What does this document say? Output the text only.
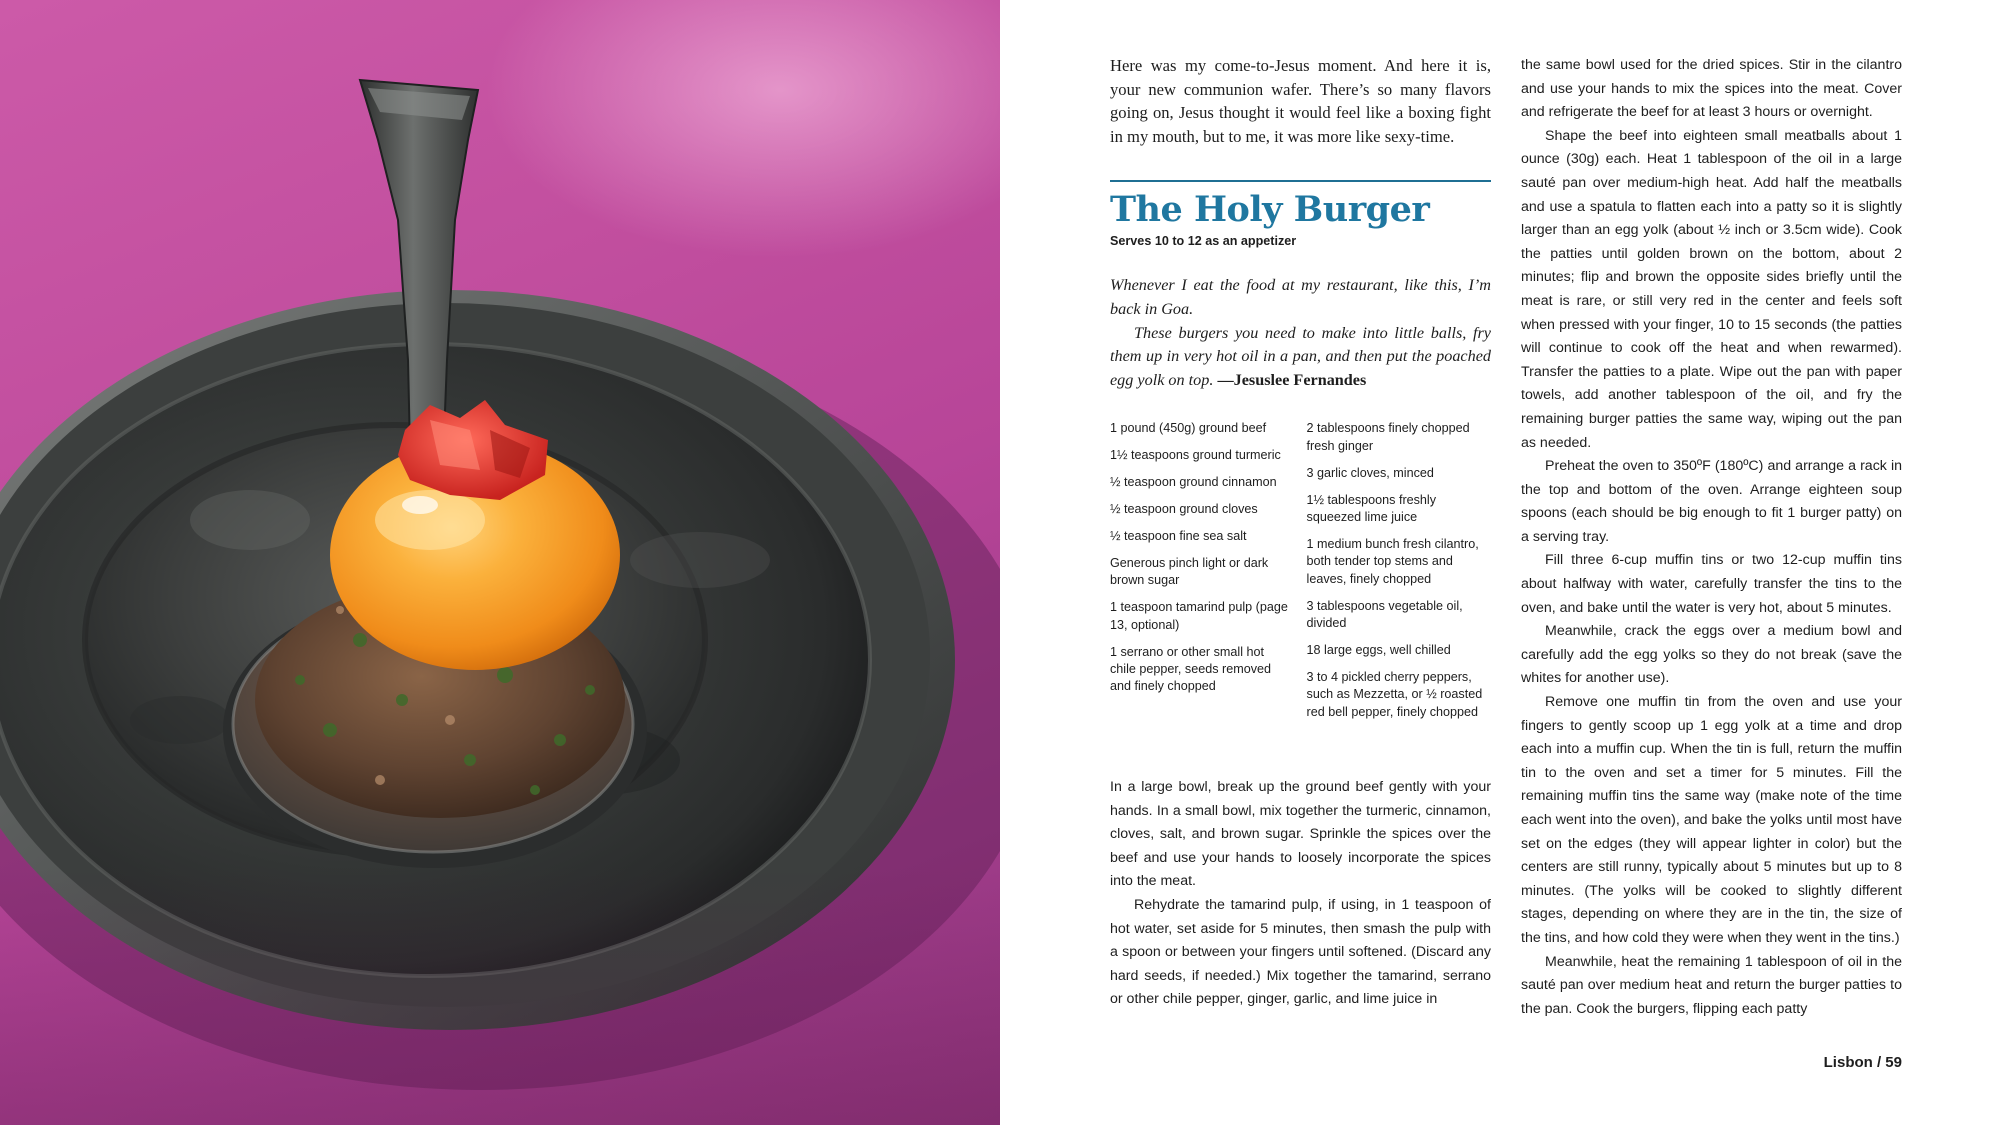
Here was my come-to-Jesus moment. And here it is, your new communion wafer. There’s so many flavors going on, Jesus thought it would feel like a boxing fight in my mouth, but to me, it was more like sexy-time.

The Holy Burger
Serves 10 to 12 as an appetizer

Whenever I eat the food at my restaurant, like this, I’m back in Goa.

These burgers you need to make into little balls, fry them up in very hot oil in a pan, and then put the poached egg yolk on top. —Jesuslee Fernandes

1 pound (450g) ground beef
1½ teaspoons ground turmeric
½ teaspoon ground cinnamon
½ teaspoon ground cloves
½ teaspoon fine sea salt
Generous pinch light or dark brown sugar
1 teaspoon tamarind pulp (page 13, optional)
1 serrano or other small hot chile pepper, seeds removed and finely chopped
2 tablespoons finely chopped fresh ginger
3 garlic cloves, minced
1½ tablespoons freshly squeezed lime juice
1 medium bunch fresh cilantro, both tender top stems and leaves, finely chopped
3 tablespoons vegetable oil, divided
18 large eggs, well chilled
3 to 4 pickled cherry peppers, such as Mezzetta, or ½ roasted red bell pepper, finely chopped

In a large bowl, break up the ground beef gently with your hands. In a small bowl, mix together the turmeric, cinnamon, cloves, salt, and brown sugar. Sprinkle the spices over the beef and use your hands to loosely incorporate the spices into the meat.

Rehydrate the tamarind pulp, if using, in 1 teaspoon of hot water, set aside for 5 minutes, then smash the pulp with a spoon or between your fingers until softened. (Discard any hard seeds, if needed.) Mix together the tamarind, serrano or other chile pepper, ginger, garlic, and lime juice in

the same bowl used for the dried spices. Stir in the cilantro and use your hands to mix the spices into the meat. Cover and refrigerate the beef for at least 3 hours or overnight.

Shape the beef into eighteen small meatballs about 1 ounce (30g) each. Heat 1 tablespoon of the oil in a large sauté pan over medium-high heat. Add half the meatballs and use a spatula to flatten each into a patty so it is slightly larger than an egg yolk (about ½ inch or 3.5cm wide). Cook the patties until golden brown on the bottom, about 2 minutes; flip and brown the opposite sides briefly until the meat is rare, or still very red in the center and feels soft when pressed with your finger, 10 to 15 seconds (the patties will continue to cook off the heat and when rewarmed). Transfer the patties to a plate. Wipe out the pan with paper towels, add another tablespoon of the oil, and fry the remaining burger patties the same way, wiping out the pan as needed.

Preheat the oven to 350ºF (180ºC) and arrange a rack in the top and bottom of the oven. Arrange eighteen soup spoons (each should be big enough to fit 1 burger patty) on a serving tray.

Fill three 6-cup muffin tins or two 12-cup muffin tins about halfway with water, carefully transfer the tins to the oven, and bake until the water is very hot, about 5 minutes.

Meanwhile, crack the eggs over a medium bowl and carefully add the egg yolks so they do not break (save the whites for another use).

Remove one muffin tin from the oven and use your fingers to gently scoop up 1 egg yolk at a time and drop each into a muffin cup. When the tin is full, return the muffin tin to the oven and set a timer for 5 minutes. Fill the remaining muffin tins the same way (make note of the time each went into the oven), and bake the yolks until most have set on the edges (they will appear lighter in color) but the centers are still runny, typically about 5 minutes but up to 8 minutes. (The yolks will be cooked to slightly different stages, depending on where they are in the tin, the size of the tins, and how cold they were when they went in the tins.)

Meanwhile, heat the remaining 1 tablespoon of oil in the sauté pan over medium heat and return the burger patties to the pan. Cook the burgers, flipping each patty

Lisbon / 59
